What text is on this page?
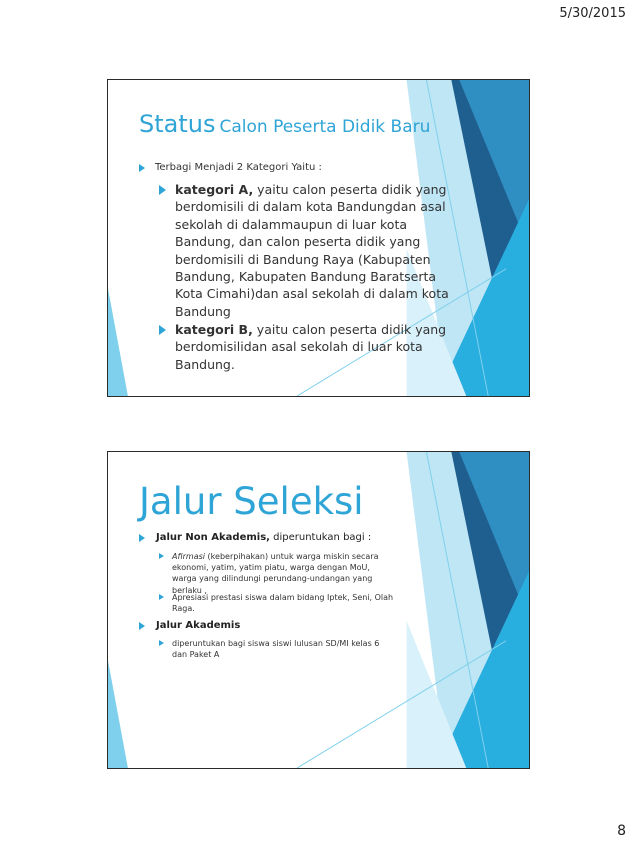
5/30/2015
Status Calon Peserta Didik Baru
Terbagi Menjadi 2 Kategori Yaitu :
kategori A, yaitu calon peserta didik yang berdomisili di dalam kota Bandungdan asal sekolah di dalammaupun di luar kota Bandung, dan calon peserta didik yang berdomisili di Bandung Raya (Kabupaten Bandung, Kabupaten Bandung Baratserta Kota Cimahi)dan asal sekolah di dalam kota Bandung
kategori B, yaitu calon peserta didik yang berdomisilidan asal sekolah di luar kota Bandung.
Jalur Seleksi
Jalur Non Akademis, diperuntukan bagi :
Afirmasi (keberpihakan) untuk warga miskin secara ekonomi, yatim, yatim piatu, warga dengan MoU, warga yang dilindungi perundang-undangan yang berlaku ,
Apresiasi prestasi siswa dalam bidang Iptek, Seni, Olah Raga.
Jalur Akademis
diperuntukan bagi siswa siswi lulusan SD/MI kelas 6 dan Paket A
8
